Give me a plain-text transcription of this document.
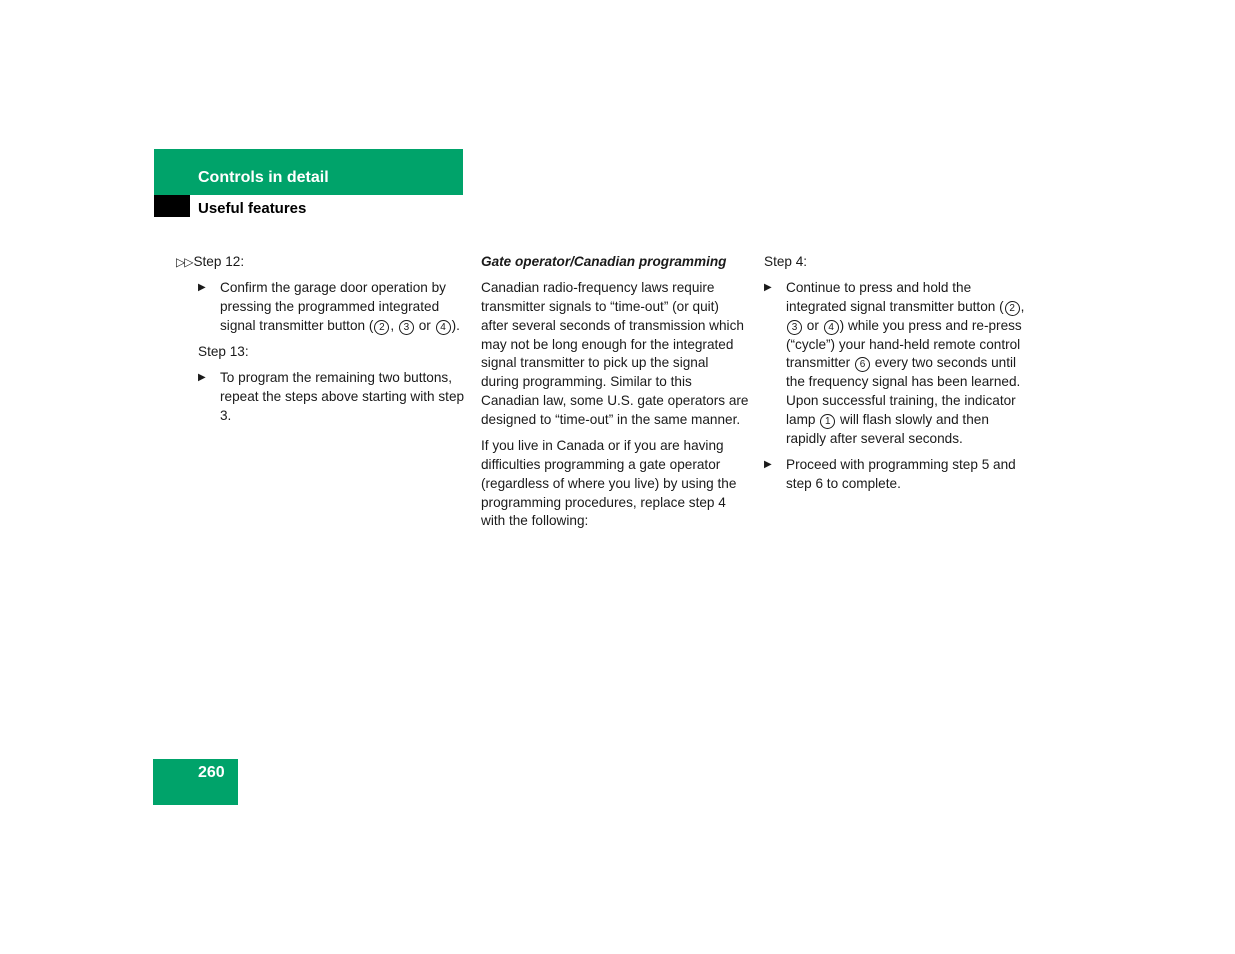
Controls in detail
Useful features

▷▷Step 12:

▶ Confirm the garage door operation by pressing the programmed integrated signal transmitter button ( 2 , 3 or 4 ).

Step 13:

▶ To program the remaining two buttons, repeat the steps above starting with step 3.

Gate operator/Canadian programming

Canadian radio-frequency laws require transmitter signals to “time-out” (or quit) after several seconds of transmission which may not be long enough for the integrated signal transmitter to pick up the signal during programming. Similar to this Canadian law, some U.S. gate operators are designed to “time-out” in the same manner.

If you live in Canada or if you are having difficulties programming a gate operator (regardless of where you live) by using the programming procedures, replace step 4 with the following:

Step 4:

▶ Continue to press and hold the integrated signal transmitter button ( 2 , 3 or 4 ) while you press and re-press (“cycle”) your hand-held remote control transmitter 6 every two seconds until the frequency signal has been learned. Upon successful training, the indicator lamp 1 will flash slowly and then rapidly after several seconds.
▶ Proceed with programming step 5 and step 6 to complete.
260
